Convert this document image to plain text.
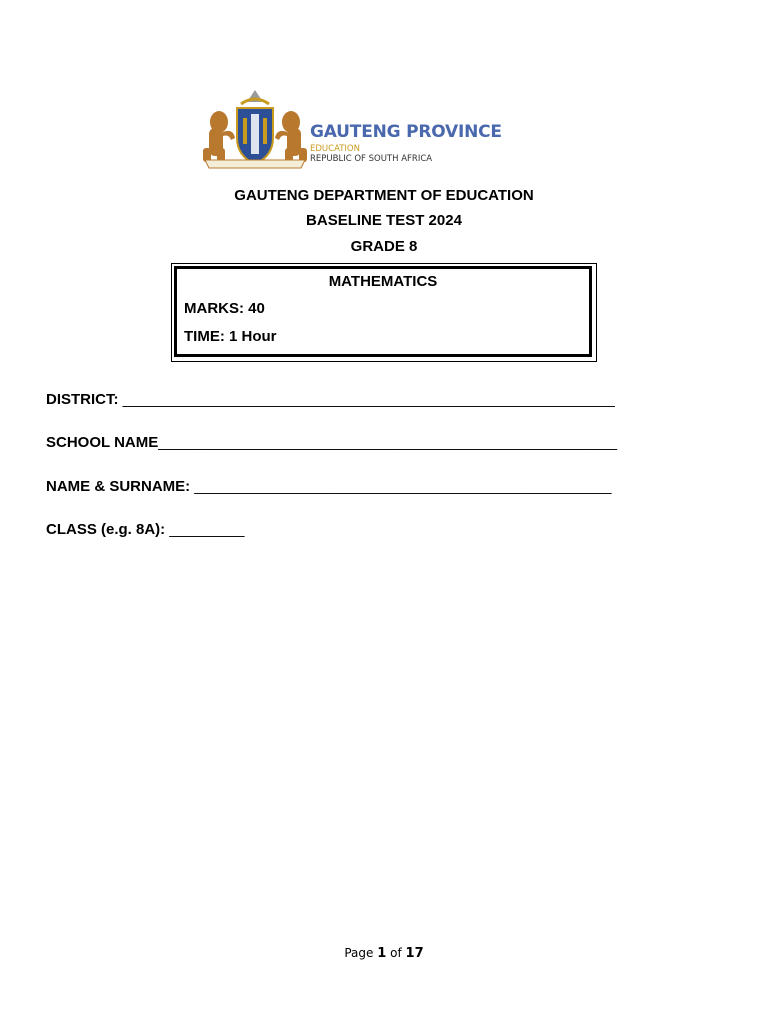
GAUTENG PROVINCE
EDUCATION
REPUBLIC OF SOUTH AFRICA
GAUTENG DEPARTMENT OF EDUCATION
BASELINE TEST 2024
GRADE 8
MATHEMATICS
MARKS: 40
TIME: 1 Hour
DISTRICT: ___________________________________________________________
SCHOOL NAME_______________________________________________________
NAME & SURNAME: __________________________________________________
CLASS (e.g. 8A): _________
Page 1 of 17
